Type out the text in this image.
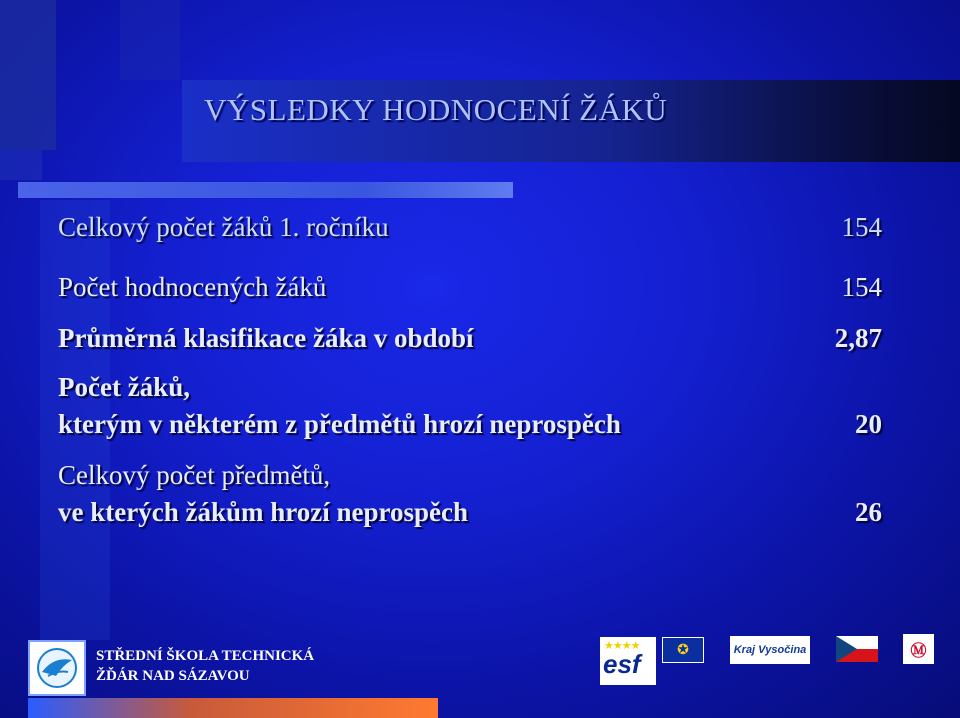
VÝSLEDKY HODNOCENÍ ŽÁKŮ
Celkový počet žáků 1. ročníku	154
Počet hodnocených žáků	154
Průměrná klasifikace žáka v období	2,87
Počet žáků,
kterým v některém z předmětů hrozí neprospěch	20
Celkový počet předmětů,
ve kterých žákům hrozí neprospěch	26
STŘEDNÍ ŠKOLA TECHNICKÁ
ŽĎÁR NAD SÁZAVOU
★★★★
esf	✪	Kraj Vysočina	Ⓜ
